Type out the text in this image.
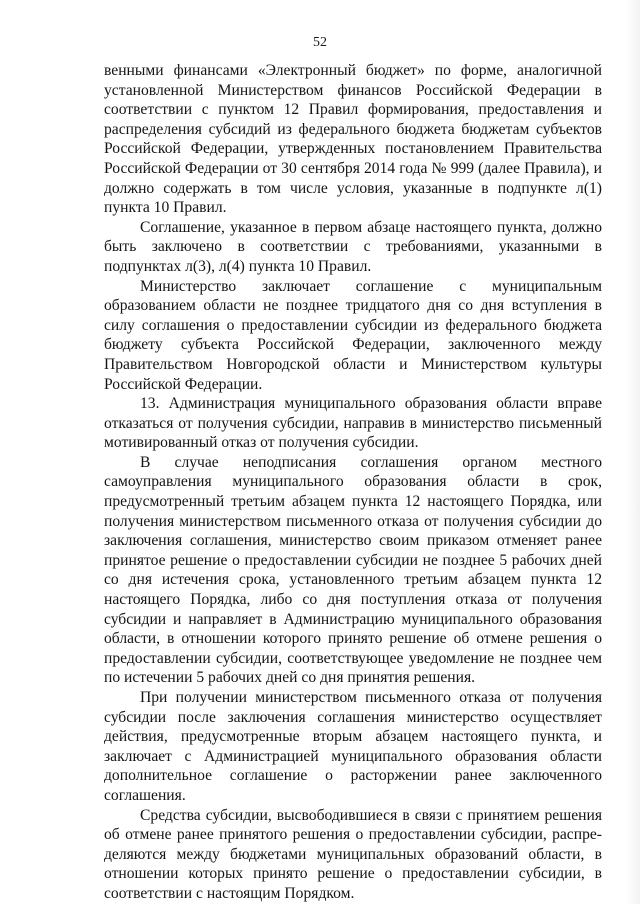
52

венными финансами «Электронный бюджет» по форме, аналогичной установленной Министерством финансов Российской Федерации в соответствии с пунктом 12 Правил формирования, предоставления и распределения субсидий из федерального бюджета бюджетам субъектов Российской Федерации, утвержденных постановлением Правительства Российской Федерации от 30 сентября 2014 года № 999 (далее Правила), и должно содержать в том числе условия, указанные в подпункте л(1) пункта 10 Правил.

Соглашение, указанное в первом абзаце настоящего пункта, должно быть заключено в соответствии с требованиями, указанными в подпунктах л(3), л(4) пункта 10 Правил.

Министерство заключает соглашение с муниципальным образованием области не позднее тридцатого дня со дня вступления в силу соглашения о предоставлении субсидии из федерального бюджета бюджету субъекта Российской Федерации, заключенного между Правительством Новгородской области и Министерством культуры Российской Федерации.

13. Администрация муниципального образования области вправе отказаться от получения субсидии, направив в министерство письменный мотивированный отказ от получения субсидии.

В случае неподписания соглашения органом местного самоуправления муниципального образования области в срок, предусмотренный третьим абзацем пункта 12 настоящего Порядка, или получения министерством письменного отказа от получения субсидии до заключения соглашения, министерство своим приказом отменяет ранее принятое решение о предоставлении субсидии не позднее 5 рабочих дней со дня истечения срока, установленного третьим абзацем пункта 12 настоящего Порядка, либо со дня поступления отказа от получения субсидии и направляет в Администрацию муниципального образования области, в отношении которого принято решение об отмене решения о предоставлении субсидии, соответствующее уведомление не позднее чем по истечении 5 рабочих дней со дня принятия решения.

При получении министерством письменного отказа от получения субсидии после заключения соглашения министерство осуществляет действия, предусмотренные вторым абзацем настоящего пункта, и заключает с Администрацией муниципального образования области дополнительное соглашение о расторжении ранее заключенного соглашения.

Средства субсидии, высвободившиеся в связи с принятием решения об отмене ранее принятого решения о предоставлении субсидии, распределяются между бюджетами муниципальных образований области, в отношении которых принято решение о предоставлении субсидии, в соответствии с настоящим Порядком.
